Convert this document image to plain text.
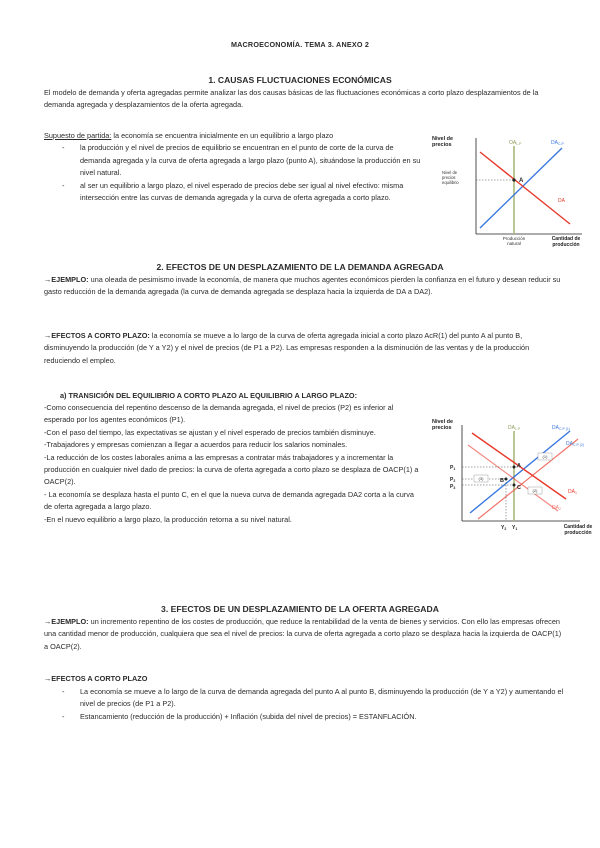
MACROECONOMÍA. TEMA 3. ANEXO 2
1. CAUSAS FLUCTUACIONES ECONÓMICAS
El modelo de demanda y oferta agregadas permite analizar las dos causas básicas de las fluctuaciones económicas a corto plazo desplazamientos de la demanda agregada y desplazamientos de la oferta agregada.
Supuesto de partida: la economía se encuentra inicialmente en un equilibrio a largo plazo
- la producción y el nivel de precios de equilibrio se encuentran en el punto de corte de la curva de demanda agregada y la curva de oferta agregada a largo plazo (punto A), situándose la producción en su nivel natural.
- al ser un equilibrio a largo plazo, el nivel esperado de precios debe ser igual al nivel efectivo: misma intersección entre las curvas de demanda agregada y la curva de oferta agregada a corto plazo.
Nivel de
precios
A
$OA_{L.P}$	$DA_{C.P}$
DA
Nivel de
precios
equilibrio
Producción
natural
Cantidad de
producción
2. EFECTOS DE UN DESPLAZAMIENTO DE LA DEMANDA AGREGADA
→EJEMPLO: una oleada de pesimismo invade la economía, de manera que muchos agentes económicos pierden la confianza en el futuro y desean reducir su gasto reducción de la demanda agregada (la curva de demanda agregada se desplaza hacia la izquierda de DA a DA2).
→EFECTOS A CORTO PLAZO: la economía se mueve a lo largo de la curva de oferta agregada inicial a corto plazo AcR(1) del punto A al punto B, disminuyendo la producción (de Y a Y2) y el nivel de precios (de P1 a P2). Las empresas responden a la disminución de las ventas y de la producción reduciendo el empleo.
a) TRANSICIÓN DEL EQUILIBRIO A CORTO PLAZO AL EQUILIBRIO A LARGO PLAZO:
-Como consecuencia del repentino descenso de la demanda agregada, el nivel de precios (P2) es inferior al esperado por los agentes económicos (P1).
-Con el paso del tiempo, las expectativas se ajustan y el nivel esperado de precios también disminuye.
-Trabajadores y empresas comienzan a llegar a acuerdos para reducir los salarios nominales.
-La reducción de los costes laborales anima a las empresas a contratar más trabajadores y a incrementar la producción en cualquier nivel dado de precios: la curva de oferta agregada a corto plazo se desplaza de OACP(1) a OACP(2).
- La economía se desplaza hasta el punto C, en el que la nueva curva de demanda agregada DA2 corta a la curva de oferta agregada a largo plazo.
-En el nuevo equilibrio a largo plazo, la producción retorna a su nivel natural.
Nivel de
precios
A
B
C
$P_1$
$P_2$
$P_3$
$Y_2$ $Y_1$
$DA_{L.P}$	$DA_{C.P (1)}$
$DA_{C.P (2)}$
$DA_1$
$DA_2$
(1)
(2)
(3)
Cantidad de
producción
3. EFECTOS DE UN DESPLAZAMIENTO DE LA OFERTA AGREGADA
→EJEMPLO: un incremento repentino de los costes de producción, que reduce la rentabilidad de la venta de bienes y servicios. Con ello las empresas ofrecen una cantidad menor de producción, cualquiera que sea el nivel de precios: la curva de oferta agregada a corto plazo se desplaza hacia la izquierda de OACP(1) a OACP(2).
→EFECTOS A CORTO PLAZO
- La economía se mueve a lo largo de la curva de demanda agregada del punto A al punto B, disminuyendo la producción (de Y a Y2) y aumentando el nivel de precios (de P1 a P2).
- Estancamiento (reducción de la producción) + Inflación (subida del nivel de precios) = ESTANFLACIÓN.
